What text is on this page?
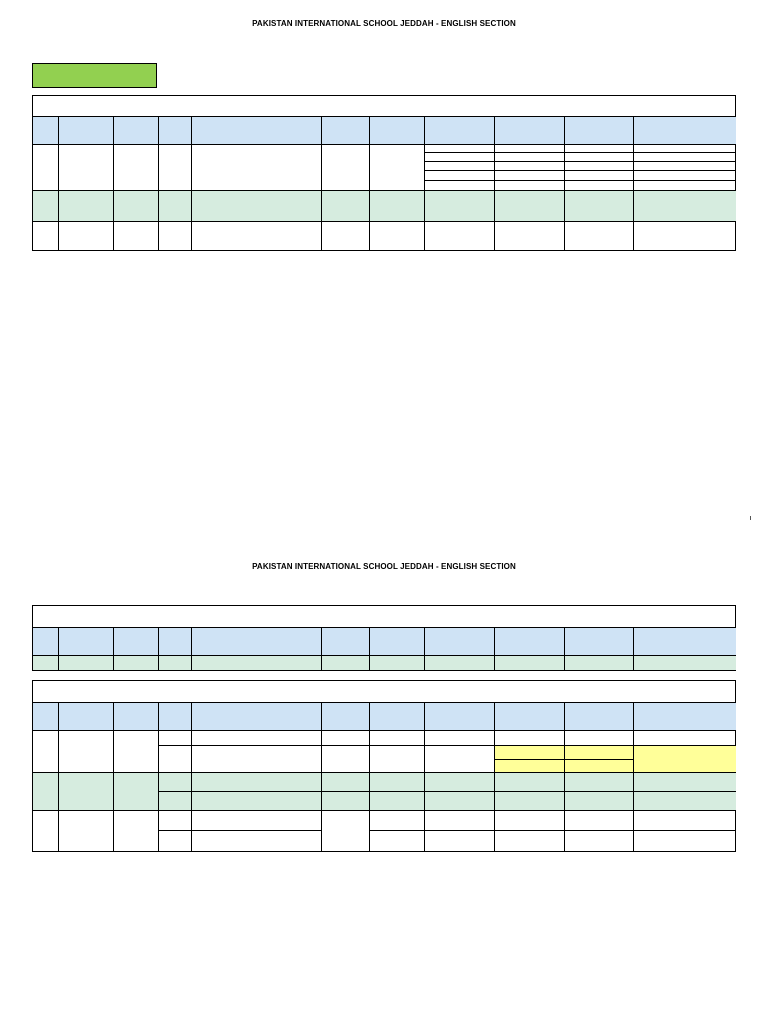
PAKISTAN INTERNATIONAL SCHOOL JEDDAH - ENGLISH SECTION
PAKISTAN INTERNATIONAL SCHOOL JEDDAH - ENGLISH SECTION
